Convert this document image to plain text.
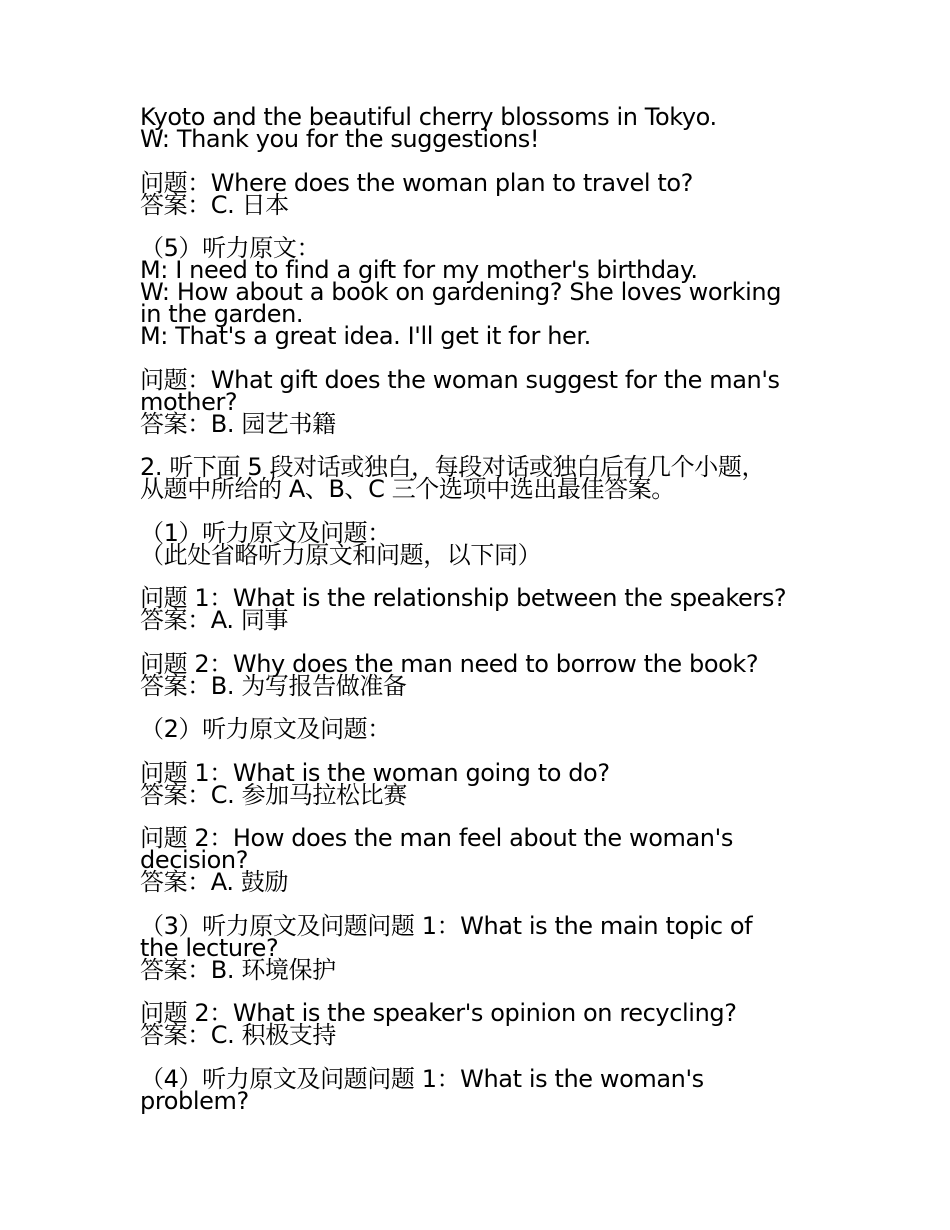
Kyoto and the beautiful cherry blossoms in Tokyo.
W: Thank you for the suggestions!
问题：Where does the woman plan to travel to?
答案：C. 日本
（5）听力原文：
M: I need to find a gift for my mother's birthday.
W: How about a book on gardening? She loves working
in the garden.
M: That's a great idea. I'll get it for her.
问题：What gift does the woman suggest for the man's
mother?
答案：B. 园艺书籍
2. 听下面 5 段对话或独白，每段对话或独白后有几个小题，
从题中所给的 A、B、C 三个选项中选出最佳答案。
（1）听力原文及问题：
（此处省略听力原文和问题，以下同）
问题 1：What is the relationship between the speakers?
答案：A. 同事
问题 2：Why does the man need to borrow the book?
答案：B. 为写报告做准备
（2）听力原文及问题：
问题 1：What is the woman going to do?
答案：C. 参加马拉松比赛
问题 2：How does the man feel about the woman's
decision?
答案：A. 鼓励
（3）听力原文及问题问题 1：What is the main topic of
the lecture?
答案：B. 环境保护
问题 2：What is the speaker's opinion on recycling?
答案：C. 积极支持
（4）听力原文及问题问题 1：What is the woman's
problem?
